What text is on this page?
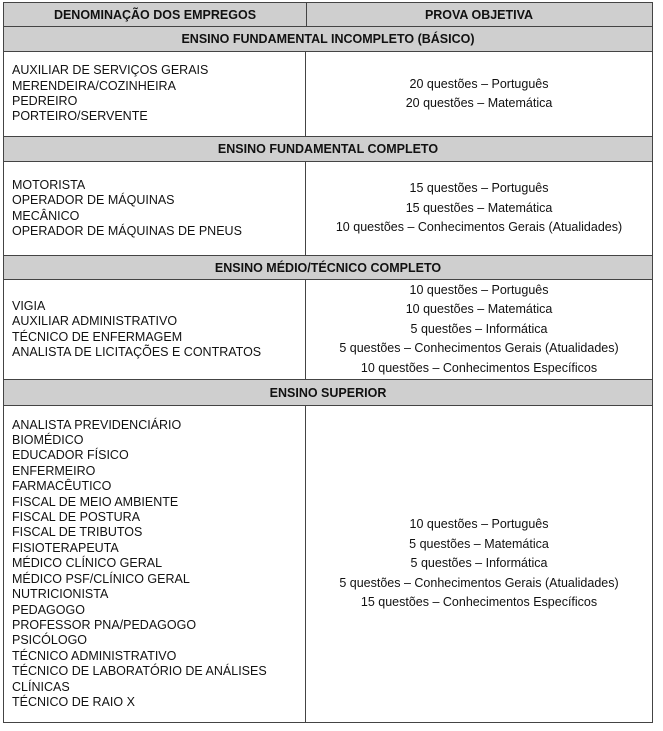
DENOMINAÇÃO DOS EMPREGOS	PROVA OBJETIVA
ENSINO FUNDAMENTAL INCOMPLETO (BÁSICO)
AUXILIAR DE SERVIÇOS GERAIS
MERENDEIRA/COZINHEIRA
PEDREIRO
PORTEIRO/SERVENTE
20 questões – Português
20 questões – Matemática
ENSINO FUNDAMENTAL COMPLETO
MOTORISTA
OPERADOR DE MÁQUINAS
MECÂNICO
OPERADOR DE MÁQUINAS DE PNEUS
15 questões – Português
15 questões – Matemática
10 questões – Conhecimentos Gerais (Atualidades)
ENSINO MÉDIO/TÉCNICO COMPLETO
VIGIA
AUXILIAR ADMINISTRATIVO
TÉCNICO DE ENFERMAGEM
ANALISTA DE LICITAÇÕES E CONTRATOS
10 questões – Português
10 questões – Matemática
5 questões – Informática
5 questões – Conhecimentos Gerais (Atualidades)
10 questões – Conhecimentos Específicos
ENSINO SUPERIOR
ANALISTA PREVIDENCIÁRIO
BIOMÉDICO
EDUCADOR FÍSICO
ENFERMEIRO
FARMACÊUTICO
FISCAL DE MEIO AMBIENTE
FISCAL DE POSTURA
FISCAL DE TRIBUTOS
FISIOTERAPEUTA
MÉDICO CLÍNICO GERAL
MÉDICO PSF/CLÍNICO GERAL
NUTRICIONISTA
PEDAGOGO
PROFESSOR PNA/PEDAGOGO
PSICÓLOGO
TÉCNICO ADMINISTRATIVO
TÉCNICO DE LABORATÓRIO DE ANÁLISES
CLÍNICAS
TÉCNICO DE RAIO X
10 questões – Português
5 questões – Matemática
5 questões – Informática
5 questões – Conhecimentos Gerais (Atualidades)
15 questões – Conhecimentos Específicos
